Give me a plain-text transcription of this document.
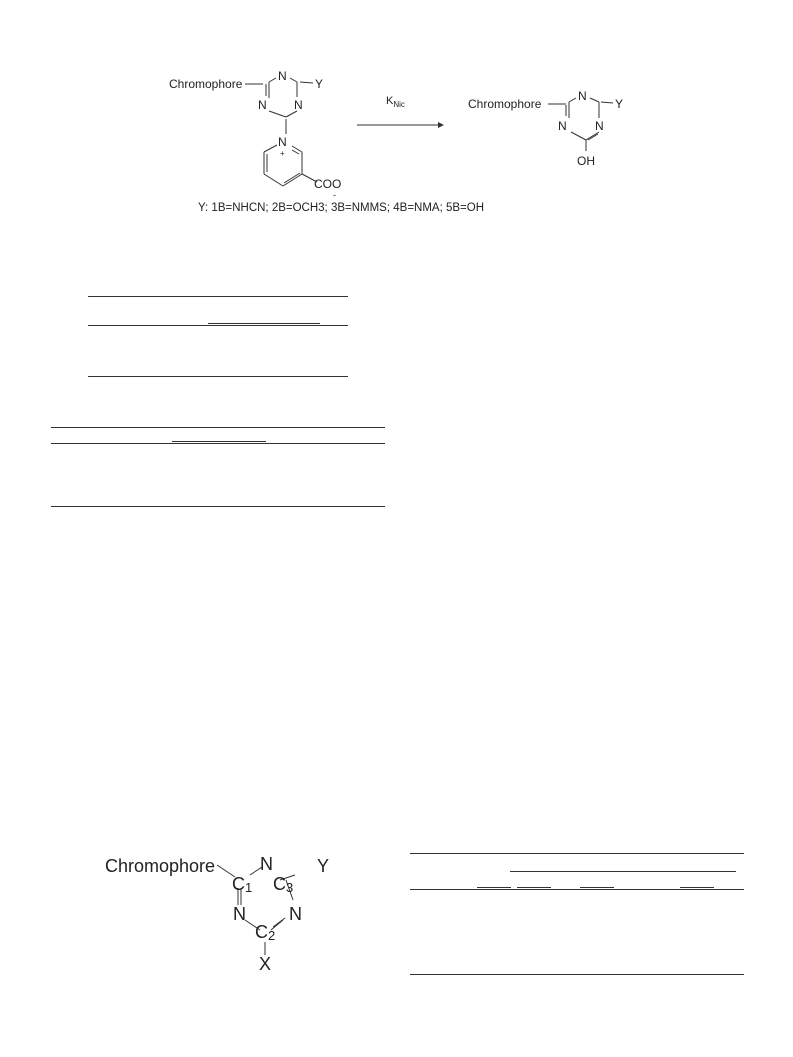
Chromophore
N
Y
N N
N
+
COO
-
$K_{Nic}$	Chromophore
N
Y
N N
OH
Y: 1B=NHCN; 2B=OCH3; 3B=NMMS; 4B=NMA; 5B=OH
Chromophore N Y
C1 C3
N N
C2
X
